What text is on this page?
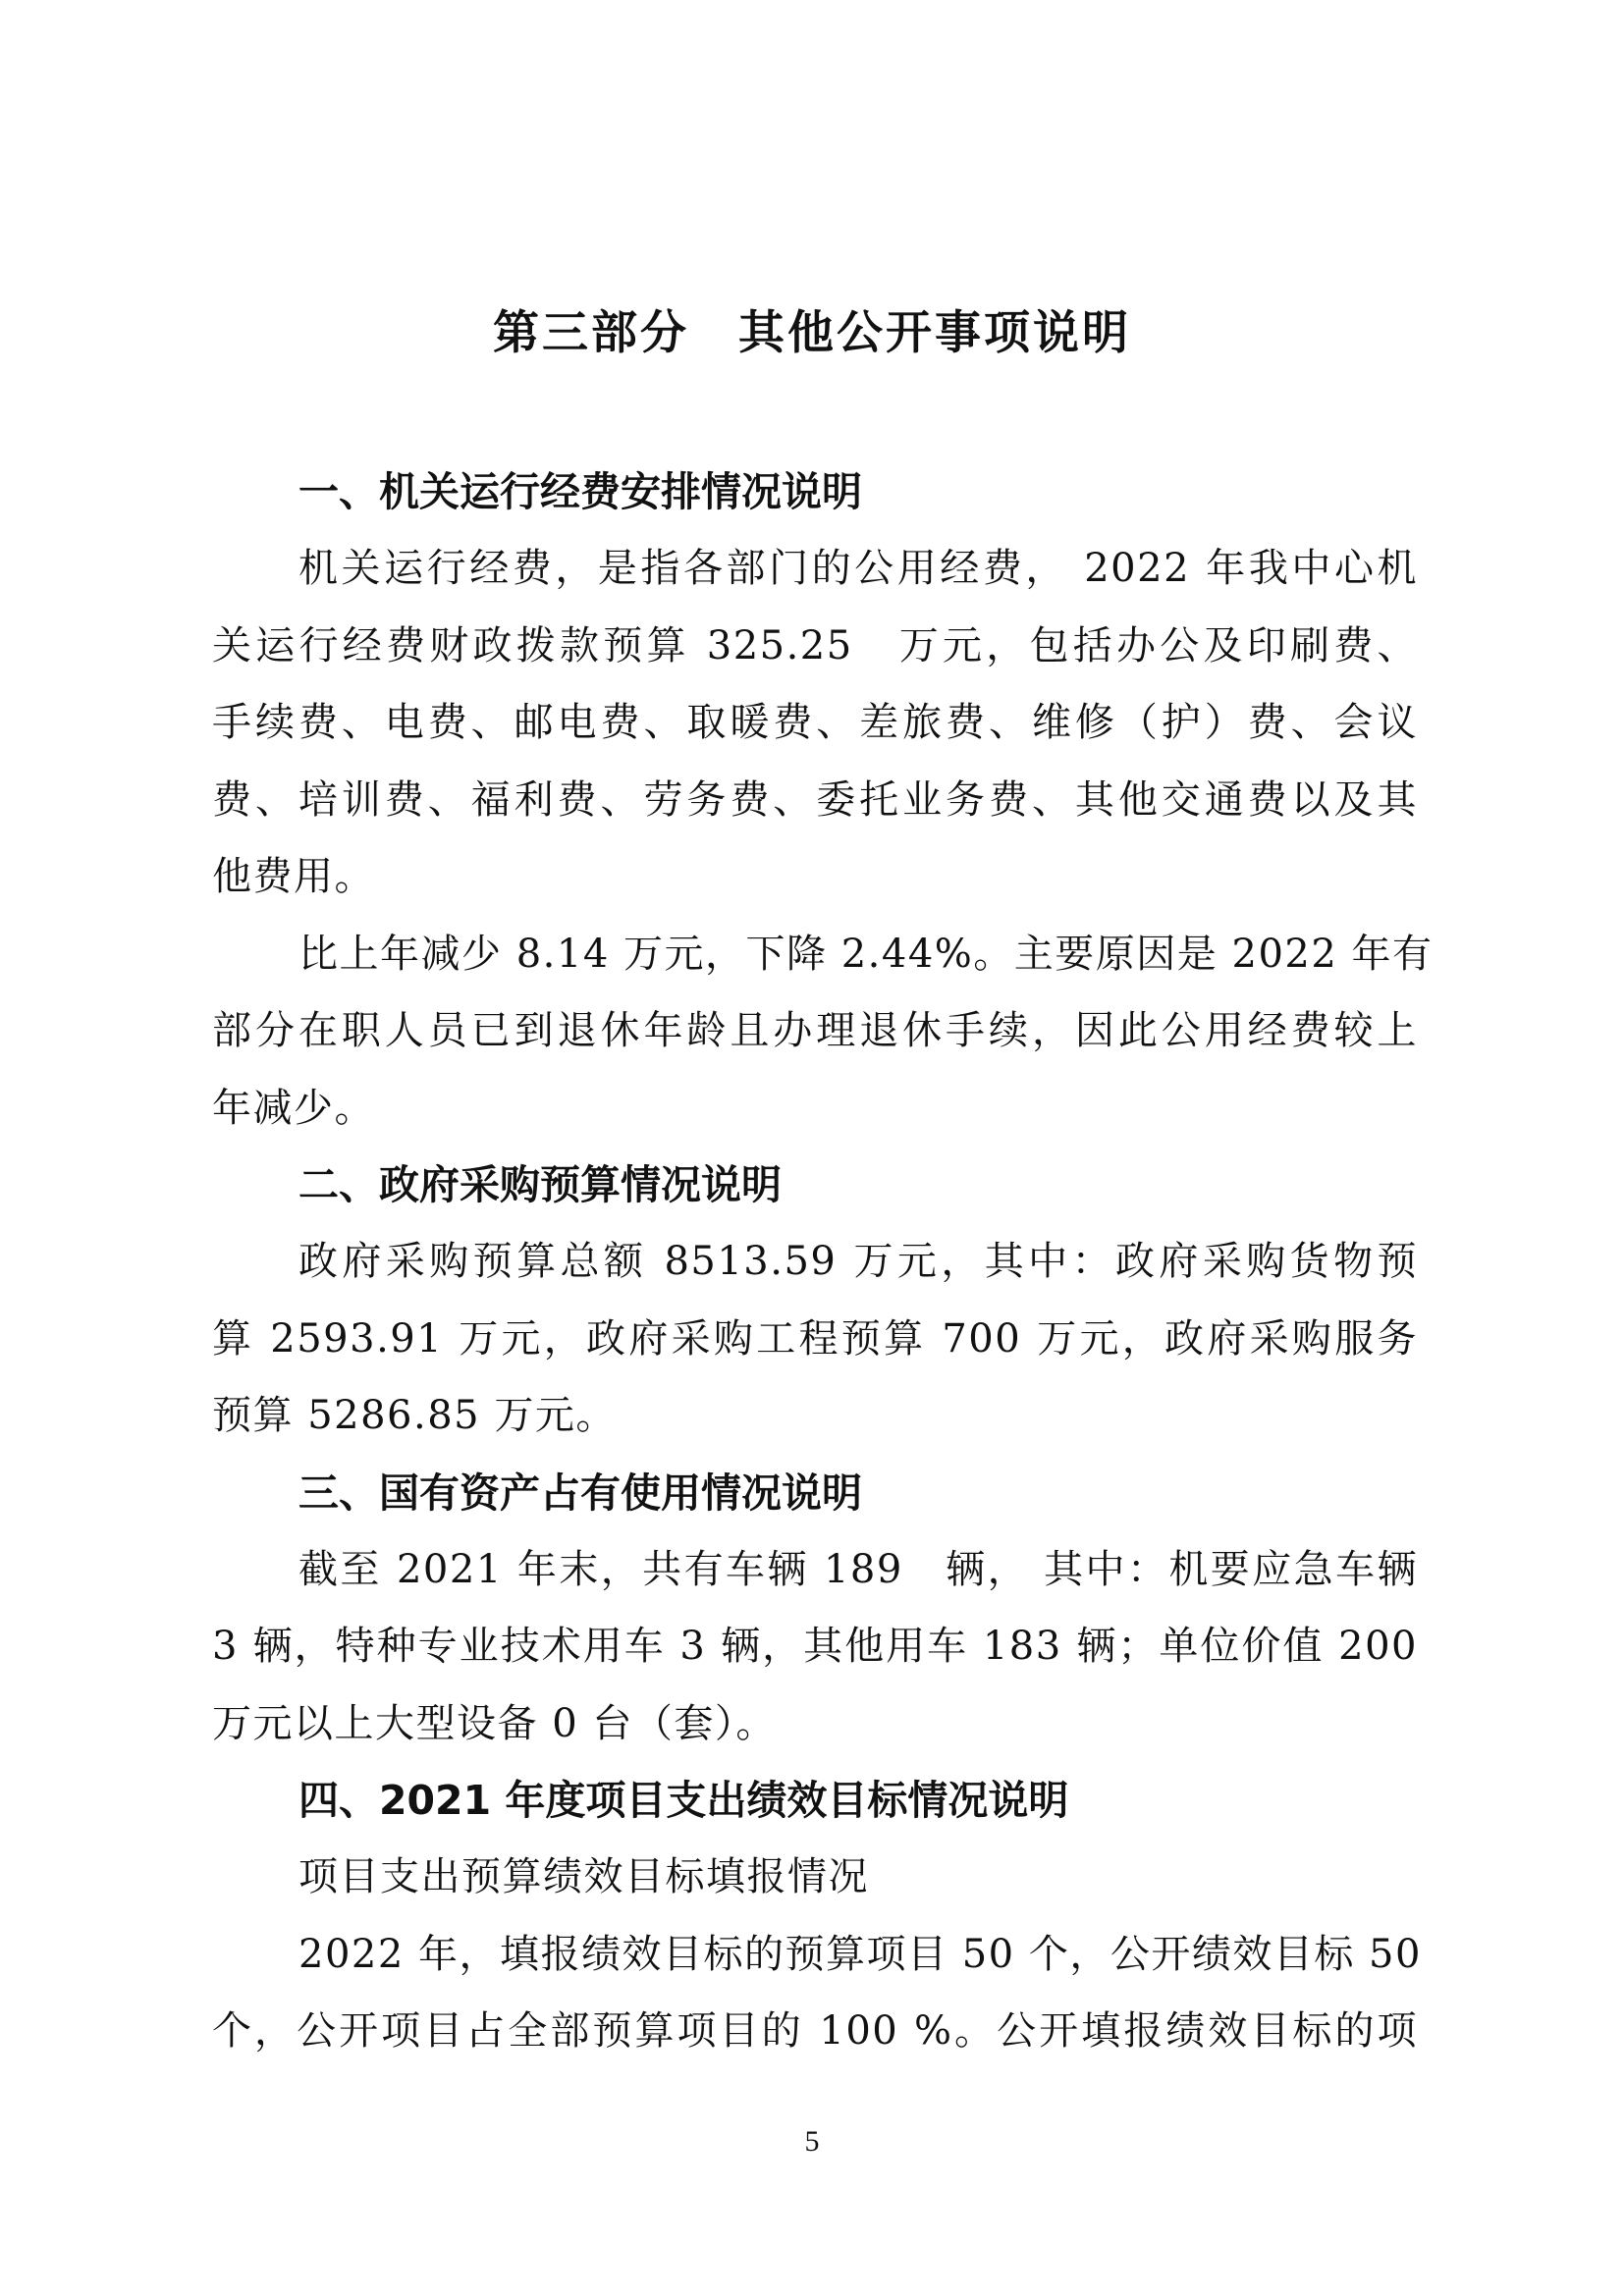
第三部分　其他公开事项说明

一、机关运行经费安排情况说明

机关运行经费，是指各部门的公用经费， 2022 年我中心机
关运行经费财政拨款预算 325.25　万元，包括办公及印刷费、
手续费、电费、邮电费、取暖费、差旅费、维修（护）费、会议
费、培训费、福利费、劳务费、委托业务费、其他交通费以及其
他费用。

比上年减少 8.14 万元，下降 2.44%。主要原因是 2022 年有
部分在职人员已到退休年龄且办理退休手续，因此公用经费较上
年减少。

二、政府采购预算情况说明

政府采购预算总额 8513.59 万元，其中：政府采购货物预
算 2593.91 万元，政府采购工程预算 700 万元，政府采购服务
预算 5286.85 万元。

三、国有资产占有使用情况说明

截至 2021 年末，共有车辆 189　辆， 其中：机要应急车辆
3 辆，特种专业技术用车 3 辆，其他用车 183 辆；单位价值 200
万元以上大型设备 0 台（套）。

四、2021 年度项目支出绩效目标情况说明

项目支出预算绩效目标填报情况

2022 年，填报绩效目标的预算项目 50 个，公开绩效目标 50
个，公开项目占全部预算项目的 100 %。公开填报绩效目标的项

5
